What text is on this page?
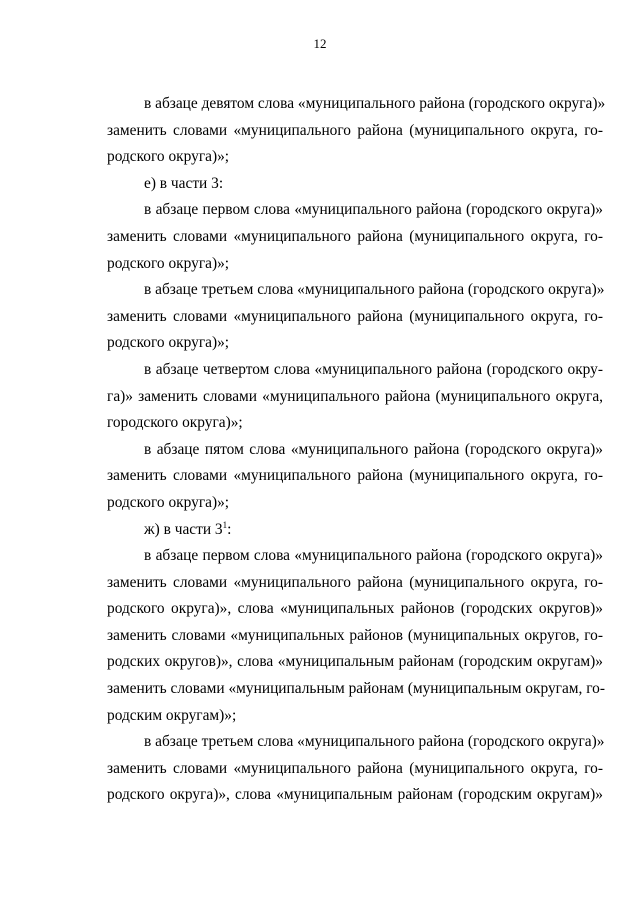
12
в абзаце девятом слова «муниципального района (городского округа)»
заменить словами «муниципального района (муниципального округа, го-
родского округа)»;
е) в части 3:
в абзаце первом слова «муниципального района (городского округа)»
заменить словами «муниципального района (муниципального округа, го-
родского округа)»;
в абзаце третьем слова «муниципального района (городского округа)»
заменить словами «муниципального района (муниципального округа, го-
родского округа)»;
в абзаце четвертом слова «муниципального района (городского окру-
га)» заменить словами «муниципального района (муниципального округа,
городского округа)»;
в абзаце пятом слова «муниципального района (городского округа)»
заменить словами «муниципального района (муниципального округа, го-
родского округа)»;
ж) в части $3^1$:
в абзаце первом слова «муниципального района (городского округа)»
заменить словами «муниципального района (муниципального округа, го-
родского округа)», слова «муниципальных районов (городских округов)»
заменить словами «муниципальных районов (муниципальных округов, го-
родских округов)», слова «муниципальным районам (городским округам)»
заменить словами «муниципальным районам (муниципальным округам, го-
родским округам)»;
в абзаце третьем слова «муниципального района (городского округа)»
заменить словами «муниципального района (муниципального округа, го-
родского округа)», слова «муниципальным районам (городским округам)»
